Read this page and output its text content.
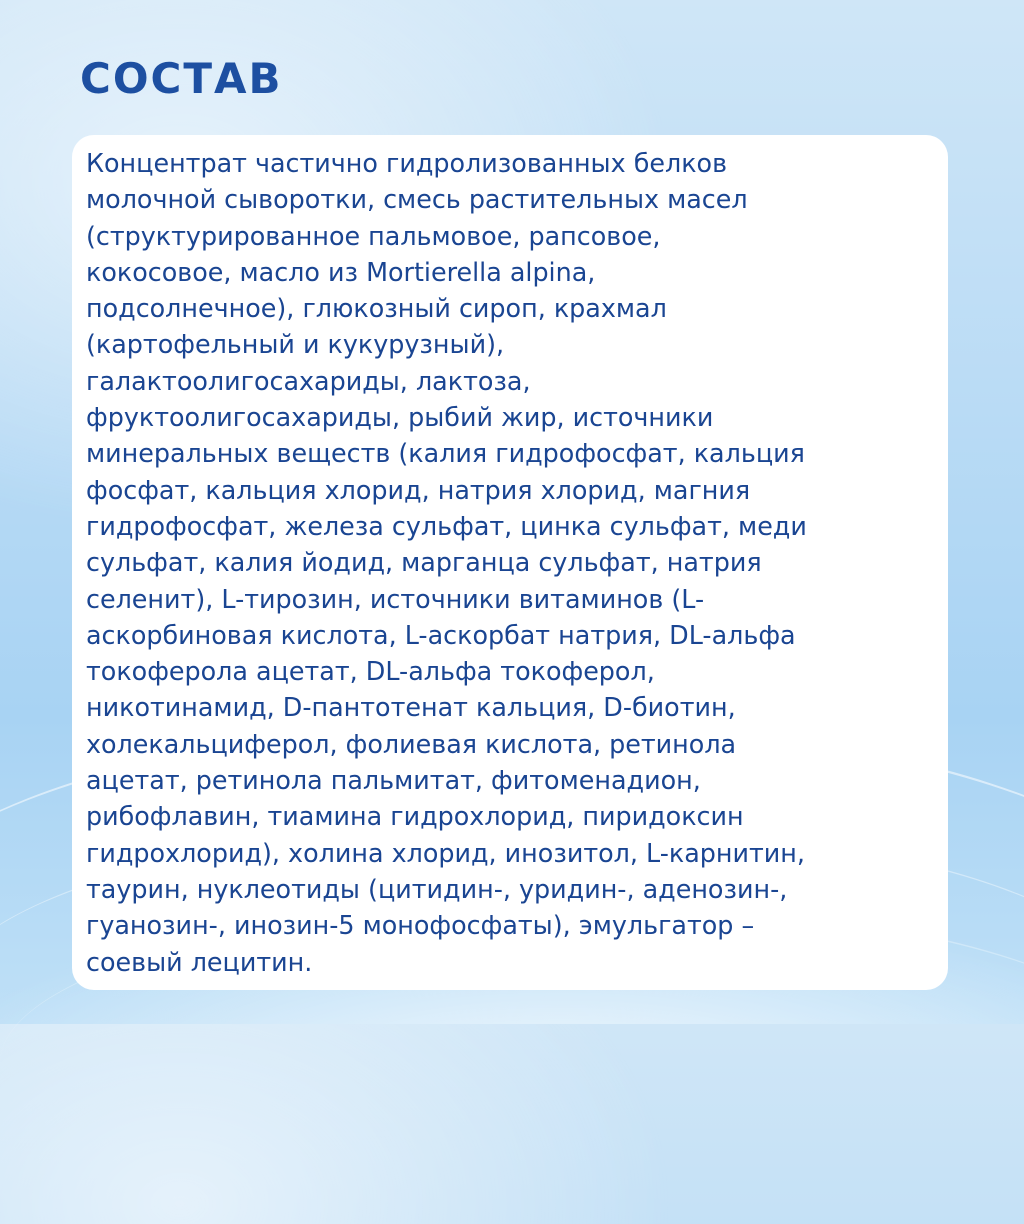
СОСТАВ

Концентрат частично гидролизованных белков
молочной сыворотки, смесь растительных масел
(структурированное пальмовое, рапсовое,
кокосовое, масло из Mortierella alpina,
подсолнечное), глюкозный сироп, крахмал
(картофельный и кукурузный),
галактоолигосахариды, лактоза,
фруктоолигосахариды, рыбий жир, источники
минеральных веществ (калия гидрофосфат, кальция
фосфат, кальция хлорид, натрия хлорид, магния
гидрофосфат, железа сульфат, цинка сульфат, меди
сульфат, калия йодид, марганца сульфат, натрия
селенит), L-тирозин, источники витаминов (L-
аскорбиновая кислота, L-аскорбат натрия, DL-альфа
токоферола ацетат, DL-альфа токоферол,
никотинамид, D-пантотенат кальция, D-биотин,
холекальциферол, фолиевая кислота, ретинола
ацетат, ретинола пальмитат, фитоменадион,
рибофлавин, тиамина гидрохлорид, пиридоксин
гидрохлорид), холина хлорид, инозитол, L-карнитин,
таурин, нуклеотиды (цитидин-, уридин-, аденозин-,
гуанозин-, инозин-5 монофосфаты), эмульгатор –
соевый лецитин.
